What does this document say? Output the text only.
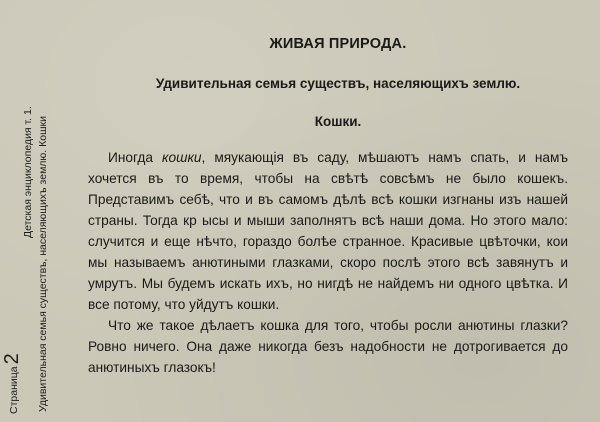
Страница2
Детская энциклопедия т. 1. Удивительная семья существъ, населяющихъ землю. Кошки
ЖИВАЯ ПРИРОДА.
Удивительная семья существъ, населяющихъ землю.
Кошки.

Иногда кошки, мяукающія въ саду, мѣшаютъ намъ спать, и намъ хочется въ то время, чтобы на свѣтѣ совсѣмъ не было кошекъ. Представимъ себѣ, что и въ самомъ дѣлѣ всѣ кошки изгнаны изъ нашей страны. Тогда кр ысы и мыши заполнятъ всѣ наши дома. Но этого мало: случится и еще нѣчто, гораздо болѣе странное. Красивые цвѣточки, кои мы называемъ анютиными глазками, скоро послѣ этого всѣ завянутъ и умрутъ. Мы будемъ искать ихъ, но нигдѣ не найдемъ ни одного цвѣтка. И все потому, что уйдутъ кошки.

Что же такое дѣлаетъ кошка для того, чтобы росли анютины глазки? Ровно ничего. Она даже никогда безъ надобности не дотрогивается до анютиныхъ глазокъ!
